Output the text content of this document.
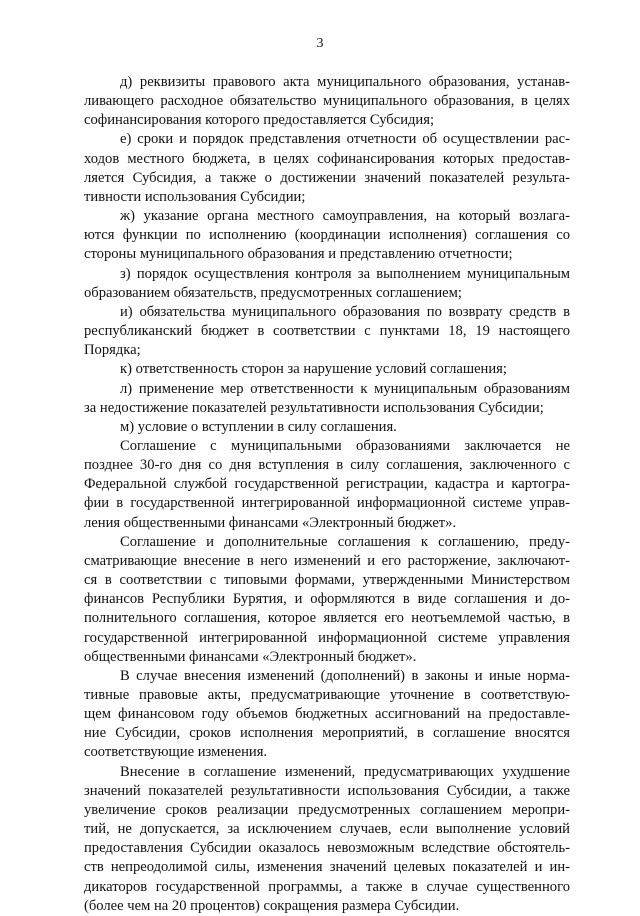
3
д) реквизиты правового акта муниципального образования, устанав-
ливающего расходное обязательство муниципального образования, в целях
софинансирования которого предоставляется Субсидия;
е) сроки и порядок представления отчетности об осуществлении рас-
ходов местного бюджета, в целях софинансирования которых предостав-
ляется Субсидия, а также о достижении значений показателей результа-
тивности использования Субсидии;
ж) указание органа местного самоуправления, на который возлага-
ются функции по исполнению (координации исполнения) соглашения со
стороны муниципального образования и представлению отчетности;
з) порядок осуществления контроля за выполнением муниципальным
образованием обязательств, предусмотренных соглашением;
и) обязательства муниципального образования по возврату средств в
республиканский бюджет в соответствии с пунктами 18, 19 настоящего
Порядка;
к) ответственность сторон за нарушение условий соглашения;
л) применение мер ответственности к муниципальным образованиям
за недостижение показателей результативности использования Субсидии;
м) условие о вступлении в силу соглашения.
Соглашение с муниципальными образованиями заключается не
позднее 30-го дня со дня вступления в силу соглашения, заключенного с
Федеральной службой государственной регистрации, кадастра и картогра-
фии в государственной интегрированной информационной системе управ-
ления общественными финансами «Электронный бюджет».
Соглашение и дополнительные соглашения к соглашению, преду-
сматривающие внесение в него изменений и его расторжение, заключают-
ся в соответствии с типовыми формами, утвержденными Министерством
финансов Республики Бурятия, и оформляются в виде соглашения и до-
полнительного соглашения, которое является его неотъемлемой частью, в
государственной интегрированной информационной системе управления
общественными финансами «Электронный бюджет».
В случае внесения изменений (дополнений) в законы и иные норма-
тивные правовые акты, предусматривающие уточнение в соответствую-
щем финансовом году объемов бюджетных ассигнований на предоставле-
ние Субсидии, сроков исполнения мероприятий, в соглашение вносятся
соответствующие изменения.
Внесение в соглашение изменений, предусматривающих ухудшение
значений показателей результативности использования Субсидии, а также
увеличение сроков реализации предусмотренных соглашением меропри-
тий, не допускается, за исключением случаев, если выполнение условий
предоставления Субсидии оказалось невозможным вследствие обстоятель-
ств непреодолимой силы, изменения значений целевых показателей и ин-
дикаторов государственной программы, а также в случае существенного
(более чем на 20 процентов) сокращения размера Субсидии.
